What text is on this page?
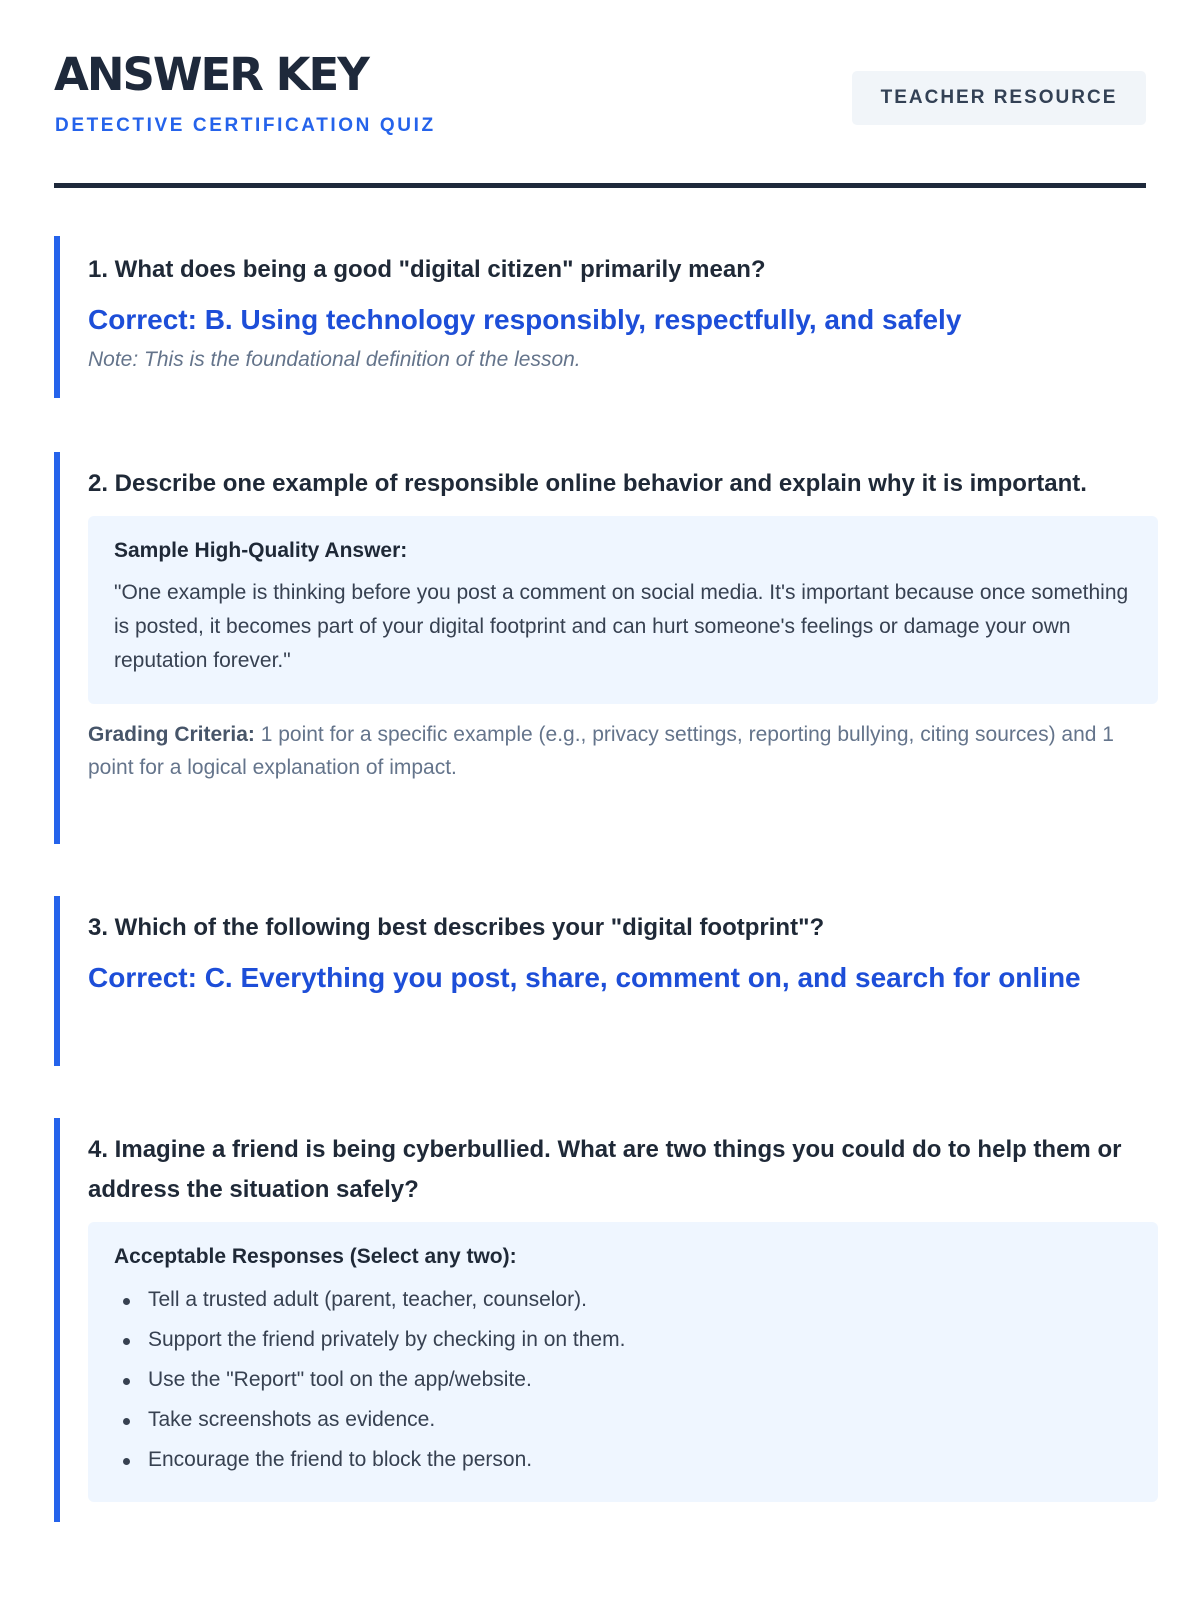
ANSWER KEY
DETECTIVE CERTIFICATION QUIZ
TEACHER RESOURCE
1. What does being a good "digital citizen" primarily mean?
Correct: B. Using technology responsibly, respectfully, and safely
Note: This is the foundational definition of the lesson.
2. Describe one example of responsible online behavior and explain why it is important.
Sample High-Quality Answer:
"One example is thinking before you post a comment on social media. It's important because once something is posted, it becomes part of your digital footprint and can hurt someone's feelings or damage your own reputation forever."
Grading Criteria: 1 point for a specific example (e.g., privacy settings, reporting bullying, citing sources) and 1 point for a logical explanation of impact.
3. Which of the following best describes your "digital footprint"?
Correct: C. Everything you post, share, comment on, and search for online
4. Imagine a friend is being cyberbullied. What are two things you could do to help them or address the situation safely?
Acceptable Responses (Select any two):
Tell a trusted adult (parent, teacher, counselor).
Support the friend privately by checking in on them.
Use the "Report" tool on the app/website.
Take screenshots as evidence.
Encourage the friend to block the person.
